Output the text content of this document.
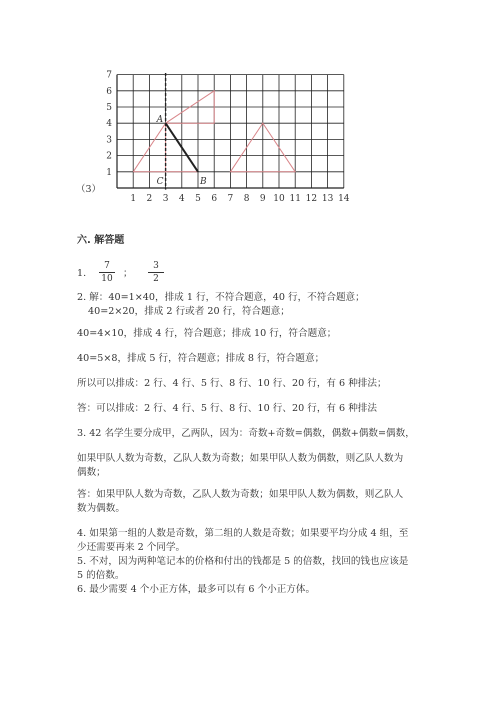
1 2 3 4 5 6 7 8 9 10 11 12 13 14
1
2
3
4
5
6
7
A
C	B
（3）
六. 解答题
1.
7
10 ；
3
2
2. 解：40=1×40，排成 1 行，不符合题意，40 行，不符合题意；
40=2×20，排成 2 行或者 20 行，符合题意；
40=4×10，排成 4 行，符合题意；排成 10 行，符合题意；
40=5×8，排成 5 行，符合题意；排成 8 行，符合题意；
所以可以排成：2 行、4 行、5 行、8 行、10 行、20 行，有 6 种排法；
答：可以排成：2 行、4 行、5 行、8 行、10 行、20 行，有 6 种排法
3. 42 名学生要分成甲，乙两队，因为：奇数+奇数=偶数，偶数+偶数=偶数，
如果甲队人数为奇数，乙队人数为奇数；如果甲队人数为偶数，则乙队人数为
偶数；
答：如果甲队人数为奇数，乙队人数为奇数；如果甲队人数为偶数，则乙队人
数为偶数。
4. 如果第一组的人数是奇数，第二组的人数是奇数；如果要平均分成 4 组，至
少还需要再来 2 个同学。
5. 不对，因为两种笔记本的价格和付出的钱都是 5 的倍数，找回的钱也应该是
5 的倍数。
6. 最少需要 4 个小正方体，最多可以有 6 个小正方体。
